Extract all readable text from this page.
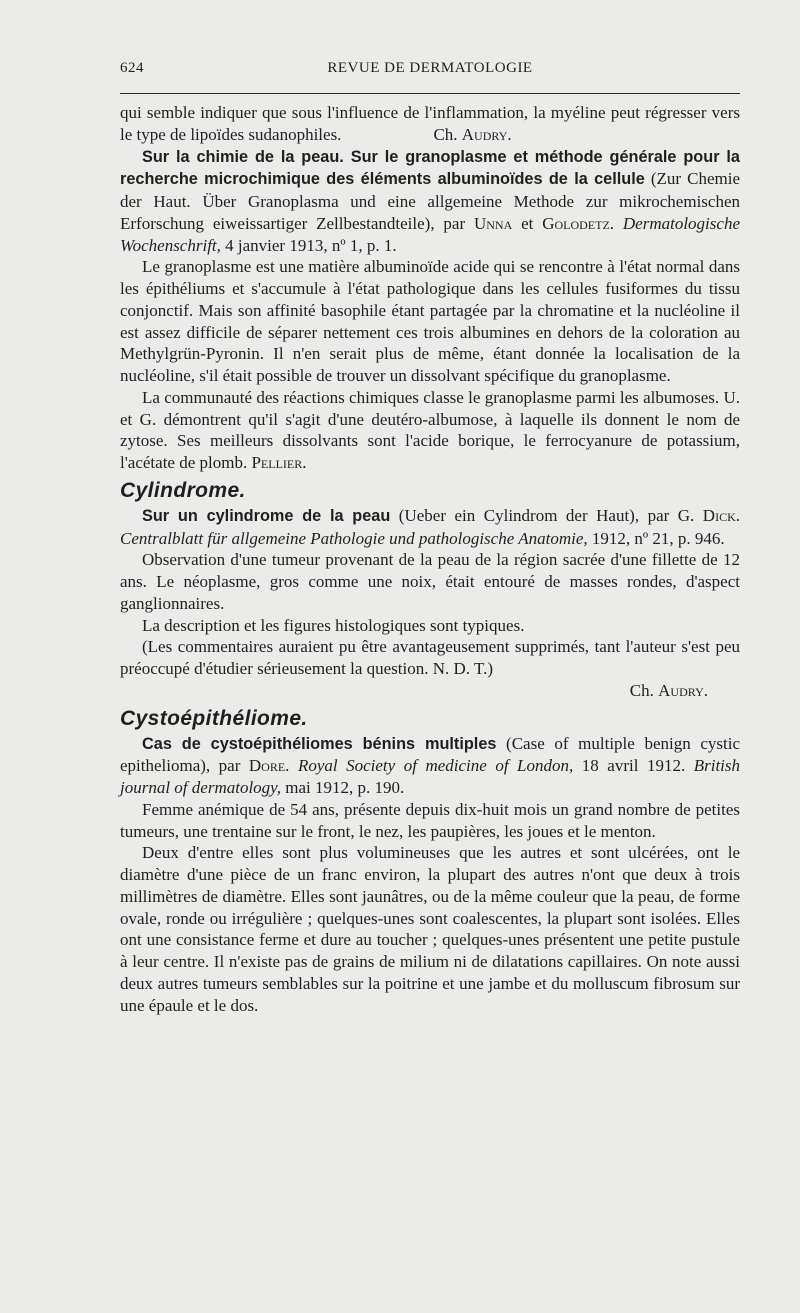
624	REVUE DE DERMATOLOGIE

qui semble indiquer que sous l'influence de l'inflammation, la myéline peut régresser vers le type de lipoïdes sudanophiles.	Ch. Audry.

Sur la chimie de la peau. Sur le granoplasme et méthode générale pour la recherche microchimique des éléments albuminoïdes de la cellule (Zur Chemie der Haut. Über Granoplasma und eine allgemeine Methode zur mikrochemischen Erforschung eiweissartiger Zellbestandteile), par Unna et Golodetz. Dermatologische Wochenschrift, 4 janvier 1913, nº 1, p. 1.

Le granoplasme est une matière albuminoïde acide qui se rencontre à l'état normal dans les épithéliums et s'accumule à l'état pathologique dans les cellules fusiformes du tissu conjonctif. Mais son affinité basophile étant partagée par la chromatine et la nucléoline il est assez difficile de séparer nettement ces trois albumines en dehors de la coloration au Methylgrün-Pyronin. Il n'en serait plus de même, étant donnée la localisation de la nucléoline, s'il était possible de trouver un dissolvant spécifique du granoplasme.

La communauté des réactions chimiques classe le granoplasme parmi les albumoses. U. et G. démontrent qu'il s'agit d'une deutéro-albumose, à laquelle ils donnent le nom de zytose. Ses meilleurs dissolvants sont l'acide borique, le ferrocyanure de potassium, l'acétate de plomb. Pellier.

Cylindrome.

Sur un cylindrome de la peau (Ueber ein Cylindrom der Haut), par G. Dick. Centralblatt für allgemeine Pathologie und pathologische Anatomie, 1912, nº 21, p. 946.

Observation d'une tumeur provenant de la peau de la région sacrée d'une fillette de 12 ans. Le néoplasme, gros comme une noix, était entouré de masses rondes, d'aspect ganglionnaires.

La description et les figures histologiques sont typiques.

(Les commentaires auraient pu être avantageusement supprimés, tant l'auteur s'est peu préoccupé d'étudier sérieusement la question. N. D. T.)

Ch. Audry.

Cystoépithéliome.

Cas de cystoépithéliomes bénins multiples (Case of multiple benign cystic epithelioma), par Dore. Royal Society of medicine of London, 18 avril 1912. British journal of dermatology, mai 1912, p. 190.

Femme anémique de 54 ans, présente depuis dix-huit mois un grand nombre de petites tumeurs, une trentaine sur le front, le nez, les paupières, les joues et le menton.

Deux d'entre elles sont plus volumineuses que les autres et sont ulcérées, ont le diamètre d'une pièce de un franc environ, la plupart des autres n'ont que deux à trois millimètres de diamètre. Elles sont jaunâtres, ou de la même couleur que la peau, de forme ovale, ronde ou irrégulière ; quelques-unes sont coalescentes, la plupart sont isolées. Elles ont une consistance ferme et dure au toucher ; quelques-unes présentent une petite pustule à leur centre. Il n'existe pas de grains de milium ni de dilatations capillaires. On note aussi deux autres tumeurs semblables sur la poitrine et une jambe et du molluscum fibrosum sur une épaule et le dos.
